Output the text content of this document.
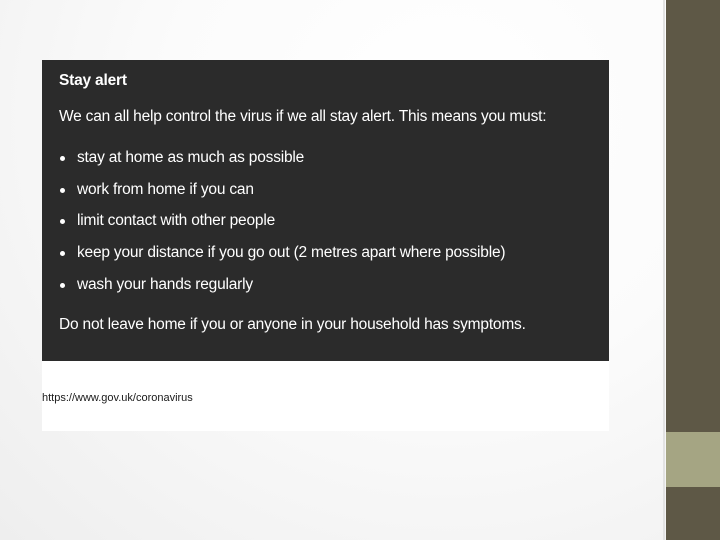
Stay alert
We can all help control the virus if we all stay alert. This means you must:
stay at home as much as possible
work from home if you can
limit contact with other people
keep your distance if you go out (2 metres apart where possible)
wash your hands regularly
Do not leave home if you or anyone in your household has symptoms.
https://www.gov.uk/coronavirus
